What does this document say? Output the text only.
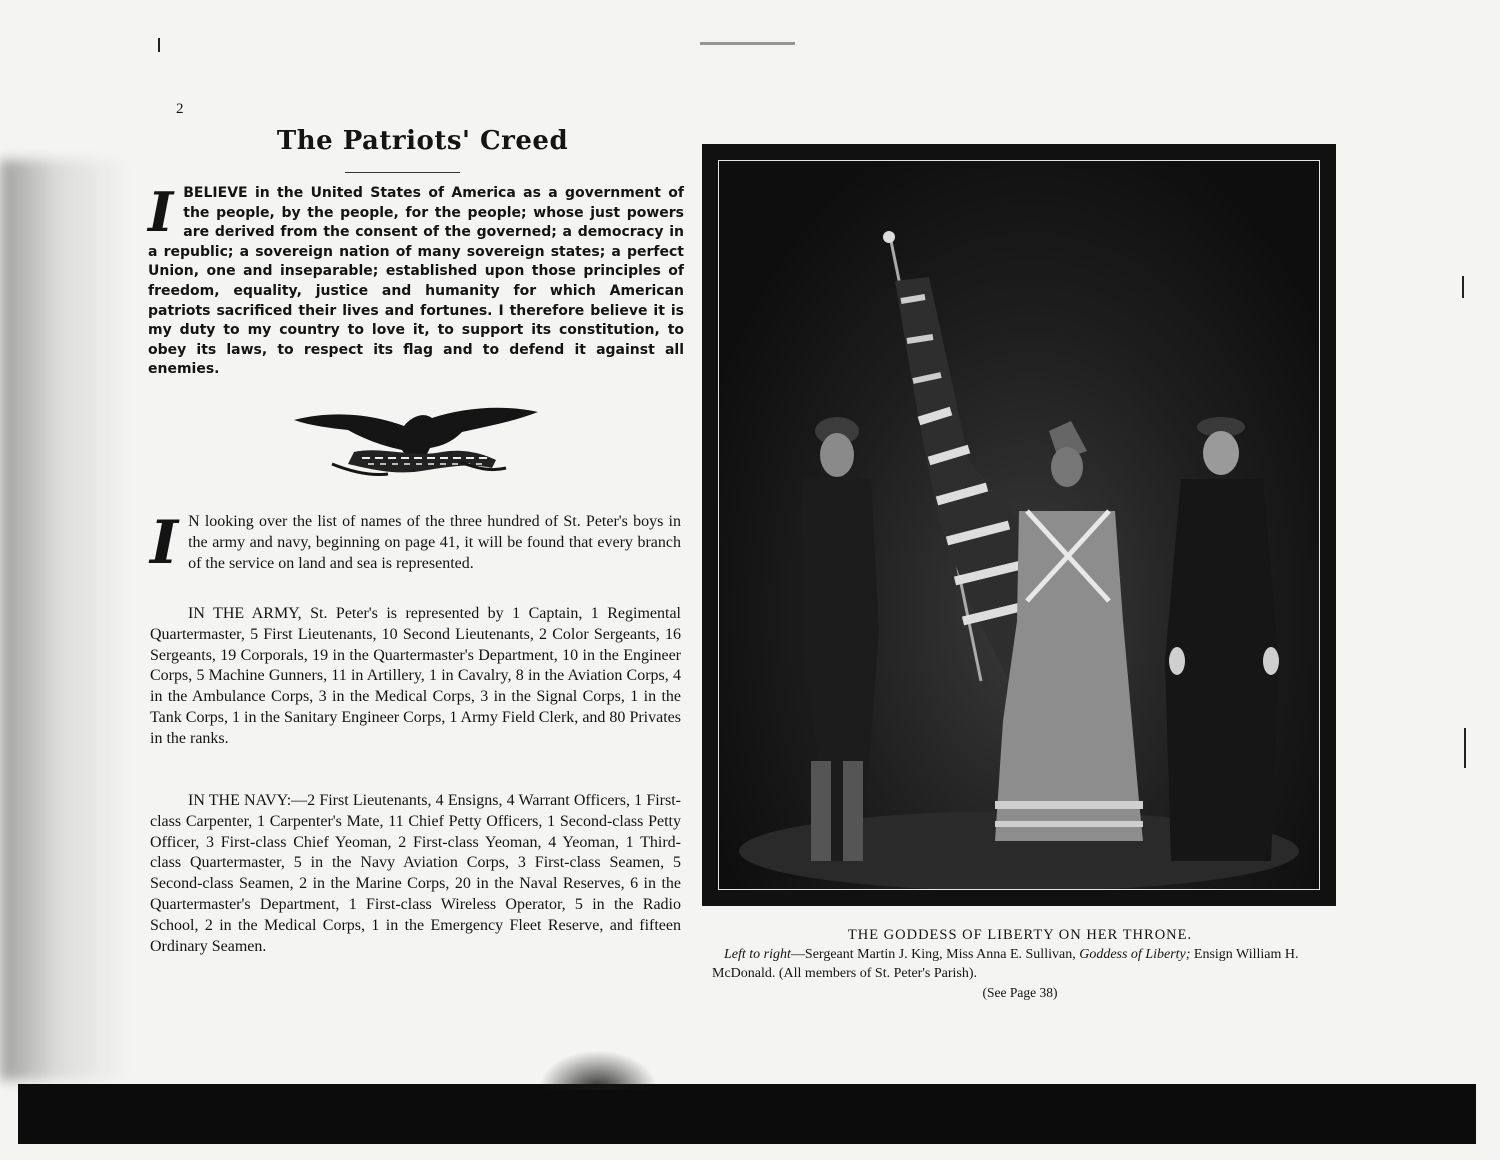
2
The Patriots' Creed
I BELIEVE in the United States of America as a government of the people, by the people, for the people; whose just powers are derived from the consent of the governed; a democracy in a republic; a sovereign nation of many sovereign states; a perfect Union, one and inseparable; established upon those principles of freedom, equality, justice and humanity for which American patriots sacrificed their lives and fortunes. I therefore believe it is my duty to my country to love it, to support its constitution, to obey its laws, to respect its flag and to defend it against all enemies.
I N looking over the list of names of the three hundred of St. Peter's boys in the army and navy, beginning on page 41, it will be found that every branch of the service on land and sea is represented.
IN THE ARMY, St. Peter's is represented by 1 Captain, 1 Regimental Quartermaster, 5 First Lieutenants, 10 Second Lieutenants, 2 Color Sergeants, 16 Sergeants, 19 Corporals, 19 in the Quartermaster's Department, 10 in the Engineer Corps, 5 Machine Gunners, 11 in Artillery, 1 in Cavalry, 8 in the Aviation Corps, 4 in the Ambulance Corps, 3 in the Medical Corps, 3 in the Signal Corps, 1 in the Tank Corps, 1 in the Sanitary Engineer Corps, 1 Army Field Clerk, and 80 Privates in the ranks.
IN THE NAVY:—2 First Lieutenants, 4 Ensigns, 4 Warrant Officers, 1 First-class Carpenter, 1 Carpenter's Mate, 11 Chief Petty Officers, 1 Second-class Petty Officer, 3 First-class Chief Yeoman, 2 First-class Yeoman, 4 Yeoman, 1 Third-class Quartermaster, 5 in the Navy Aviation Corps, 3 First-class Seamen, 5 Second-class Seamen, 2 in the Marine Corps, 20 in the Naval Reserves, 6 in the Quartermaster's Department, 1 First-class Wireless Operator, 5 in the Radio School, 2 in the Medical Corps, 1 in the Emergency Fleet Reserve, and fifteen Ordinary Seamen.
THE GODDESS OF LIBERTY ON HER THRONE.
Left to right—Sergeant Martin J. King, Miss Anna E. Sullivan, Goddess of Liberty; Ensign William H. McDonald. (All members of St. Peter's Parish).
(See Page 38)
